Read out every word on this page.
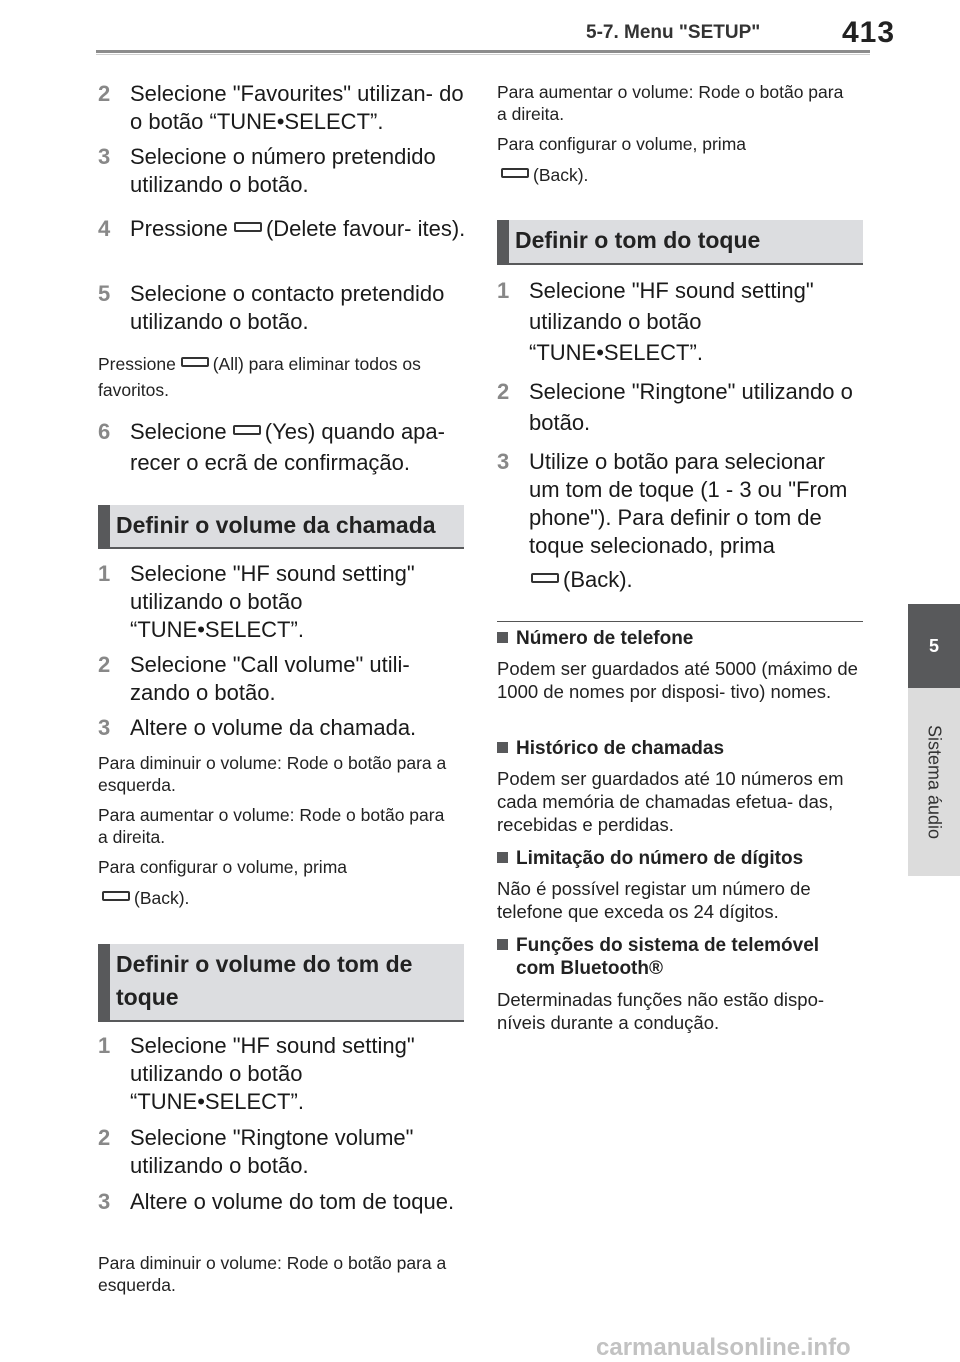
5-7. Menu "SETUP"	413
5
Sistema áudio
2 Selecione "Favourites" utilizan- do o botão “TUNE•SELECT”.
3 Selecione o número pretendido utilizando o botão.
4 Pressione (Delete favour- ites).
5 Selecione o contacto pretendido utilizando o botão.
Pressione (All) para eliminar todos os favoritos.
6 Selecione (Yes) quando apa- recer o ecrã de confirmação.
Definir o volume da chamada
1 Selecione "HF sound setting" utilizando o botão “TUNE•SELECT”.
2 Selecione "Call volume" utili- zando o botão.
3 Altere o volume da chamada.
Para diminuir o volume: Rode o botão para a esquerda.
Para aumentar o volume: Rode o botão para a direita.
Para configurar o volume, prima
(Back).
Definir o volume do tom de toque
1 Selecione "HF sound setting" utilizando o botão “TUNE•SELECT”.
2 Selecione "Ringtone volume" utilizando o botão.
3 Altere o volume do tom de toque.
Para diminuir o volume: Rode o botão para a esquerda.
Para aumentar o volume: Rode o botão para a direita.
Para configurar o volume, prima
(Back).
Definir o tom do toque
1 Selecione "HF sound setting" utilizando o botão “TUNE•SELECT”.
2 Selecione "Ringtone" utilizando o botão.
3 Utilize o botão para selecionar um tom de toque (1 - 3 ou "From phone"). Para definir o tom de toque selecionado, prima
(Back).
Número de telefone
Podem ser guardados até 5000 (máximo de 1000 de nomes por disposi- tivo) nomes.
Histórico de chamadas
Podem ser guardados até 10 números em cada memória de chamadas efetua- das, recebidas e perdidas.
Limitação do número de dígitos
Não é possível registar um número de telefone que exceda os 24 dígitos.
Funções do sistema de telemóvel com Bluetooth®
Determinadas funções não estão dispo- níveis durante a condução.
carmanualsonline.info
